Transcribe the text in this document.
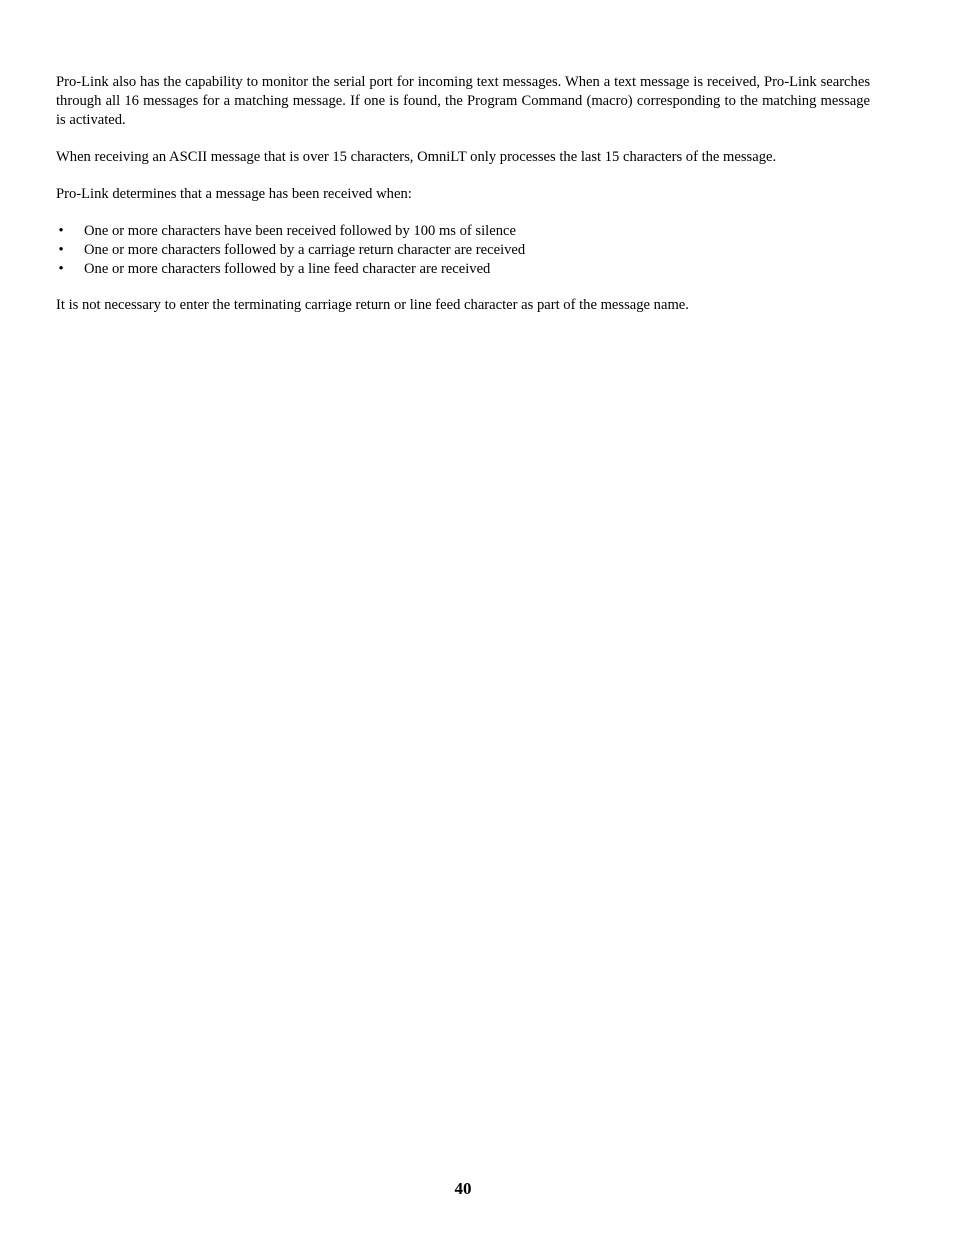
Pro-Link also has the capability to monitor the serial port for incoming text messages. When a text message is received, Pro-Link searches through all 16 messages for a matching message. If one is found, the Program Command (macro) corresponding to the matching message is activated.

When receiving an ASCII message that is over 15 characters, OmniLT only processes the last 15 characters of the message.

Pro-Link determines that a message has been received when:

• One or more characters have been received followed by 100 ms of silence
• One or more characters followed by a carriage return character are received
• One or more characters followed by a line feed character are received

It is not necessary to enter the terminating carriage return or line feed character as part of the message name.

40
